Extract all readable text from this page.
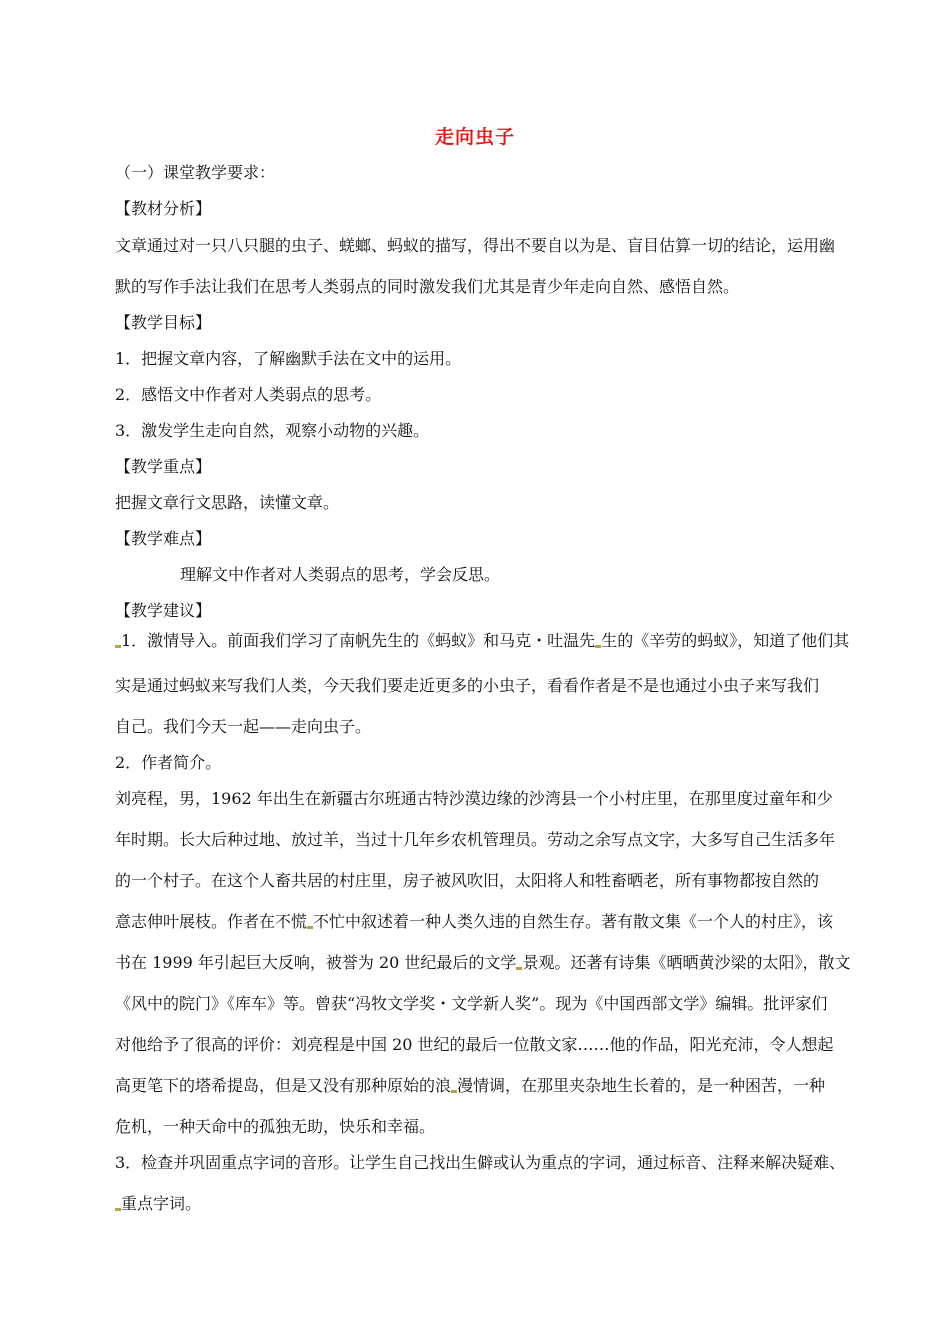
走向虫子
（一）课堂教学要求：
【教材分析】
文章通过对一只八只腿的虫子、蜣螂、蚂蚁的描写，得出不要自以为是、盲目估算一切的结论，运用幽
默的写作手法让我们在思考人类弱点的同时激发我们尤其是青少年走向自然、感悟自然。
【教学目标】
1．把握文章内容，了解幽默手法在文中的运用。
2．感悟文中作者对人类弱点的思考。
3．激发学生走向自然，观察小动物的兴趣。
【教学重点】
把握文章行文思路，读懂文章。
【教学难点】
理解文中作者对人类弱点的思考，学会反思。
【教学建议】
1．激情导入。前面我们学习了南帆先生的《蚂蚁》和马克・吐温先 生的《辛劳的蚂蚁》，知道了他们其
实是通过蚂蚁来写我们人类，今天我们要走近更多的小虫子，看看作者是不是也通过小虫子来写我们
自己。我们今天一起——走向虫子。
2．作者简介。
刘亮程，男，1962 年出生在新疆古尔班通古特沙漠边缘的沙湾县一个小村庄里，在那里度过童年和少
年时期。长大后种过地、放过羊，当过十几年乡农机管理员。劳动之余写点文字，大多写自己生活多年
的一个村子。在这个人畜共居的村庄里，房子被风吹旧，太阳将人和牲畜晒老，所有事物都按自然的
意志伸叶展枝。作者在不慌 不忙中叙述着一种人类久违的自然生存。著有散文集《一个人的村庄》，该
书在 1999 年引起巨大反响，被誉为 20 世纪最后的文学 景观。还著有诗集《晒晒黄沙梁的太阳》，散文
《风中的院门》《库车》等。曾获“冯牧文学奖・文学新人奖”。现为《中国西部文学》编辑。批评家们
对他给予了很高的评价：刘亮程是中国 20 世纪的最后一位散文家……他的作品，阳光充沛，令人想起
高更笔下的塔希提岛，但是又没有那种原始的浪 漫情调，在那里夹杂地生长着的，是一种困苦，一种
危机，一种天命中的孤独无助，快乐和幸福。
3．检查并巩固重点字词的音形。让学生自己找出生僻或认为重点的字词，通过标音、注释来解决疑难、
重点字词。
